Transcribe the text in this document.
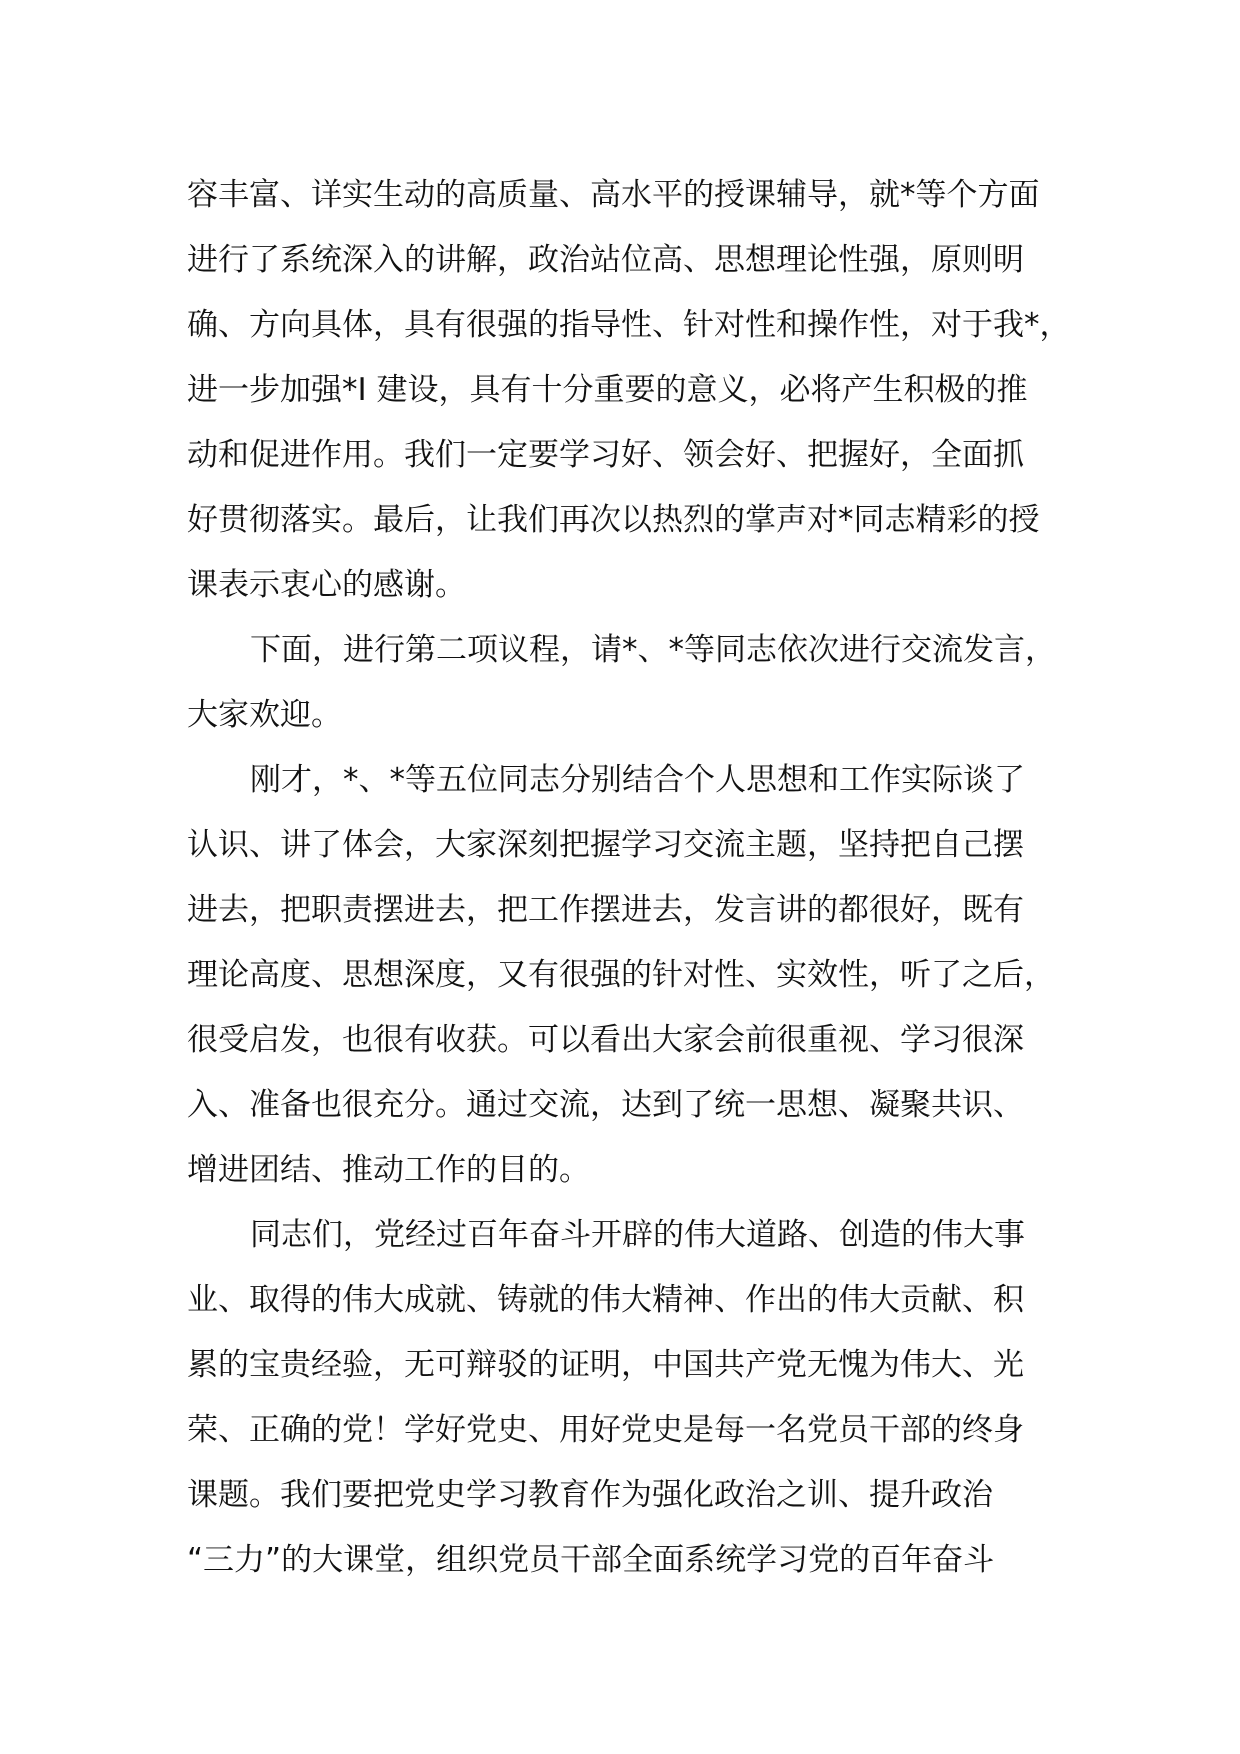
容丰富、详实生动的高质量、高水平的授课辅导，就*等个方面
进行了系统深入的讲解，政治站位高、思想理论性强，原则明
确、方向具体，具有很强的指导性、针对性和操作性，对于我*，
进一步加强*I 建设，具有十分重要的意义，必将产生积极的推
动和促进作用。我们一定要学习好、领会好、把握好，全面抓
好贯彻落实。最后，让我们再次以热烈的掌声对*同志精彩的授
课表示衷心的感谢。
下面，进行第二项议程，请*、*等同志依次进行交流发言，
大家欢迎。
刚才，*、*等五位同志分别结合个人思想和工作实际谈了
认识、讲了体会，大家深刻把握学习交流主题，坚持把自己摆
进去，把职责摆进去，把工作摆进去，发言讲的都很好，既有
理论高度、思想深度，又有很强的针对性、实效性，听了之后，
很受启发，也很有收获。可以看出大家会前很重视、学习很深
入、准备也很充分。通过交流，达到了统一思想、凝聚共识、
增进团结、推动工作的目的。
同志们，党经过百年奋斗开辟的伟大道路、创造的伟大事
业、取得的伟大成就、铸就的伟大精神、作出的伟大贡献、积
累的宝贵经验，无可辩驳的证明，中国共产党无愧为伟大、光
荣、正确的党！学好党史、用好党史是每一名党员干部的终身
课题。我们要把党史学习教育作为强化政治之训、提升政治
“三力”的大课堂，组织党员干部全面系统学习党的百年奋斗
